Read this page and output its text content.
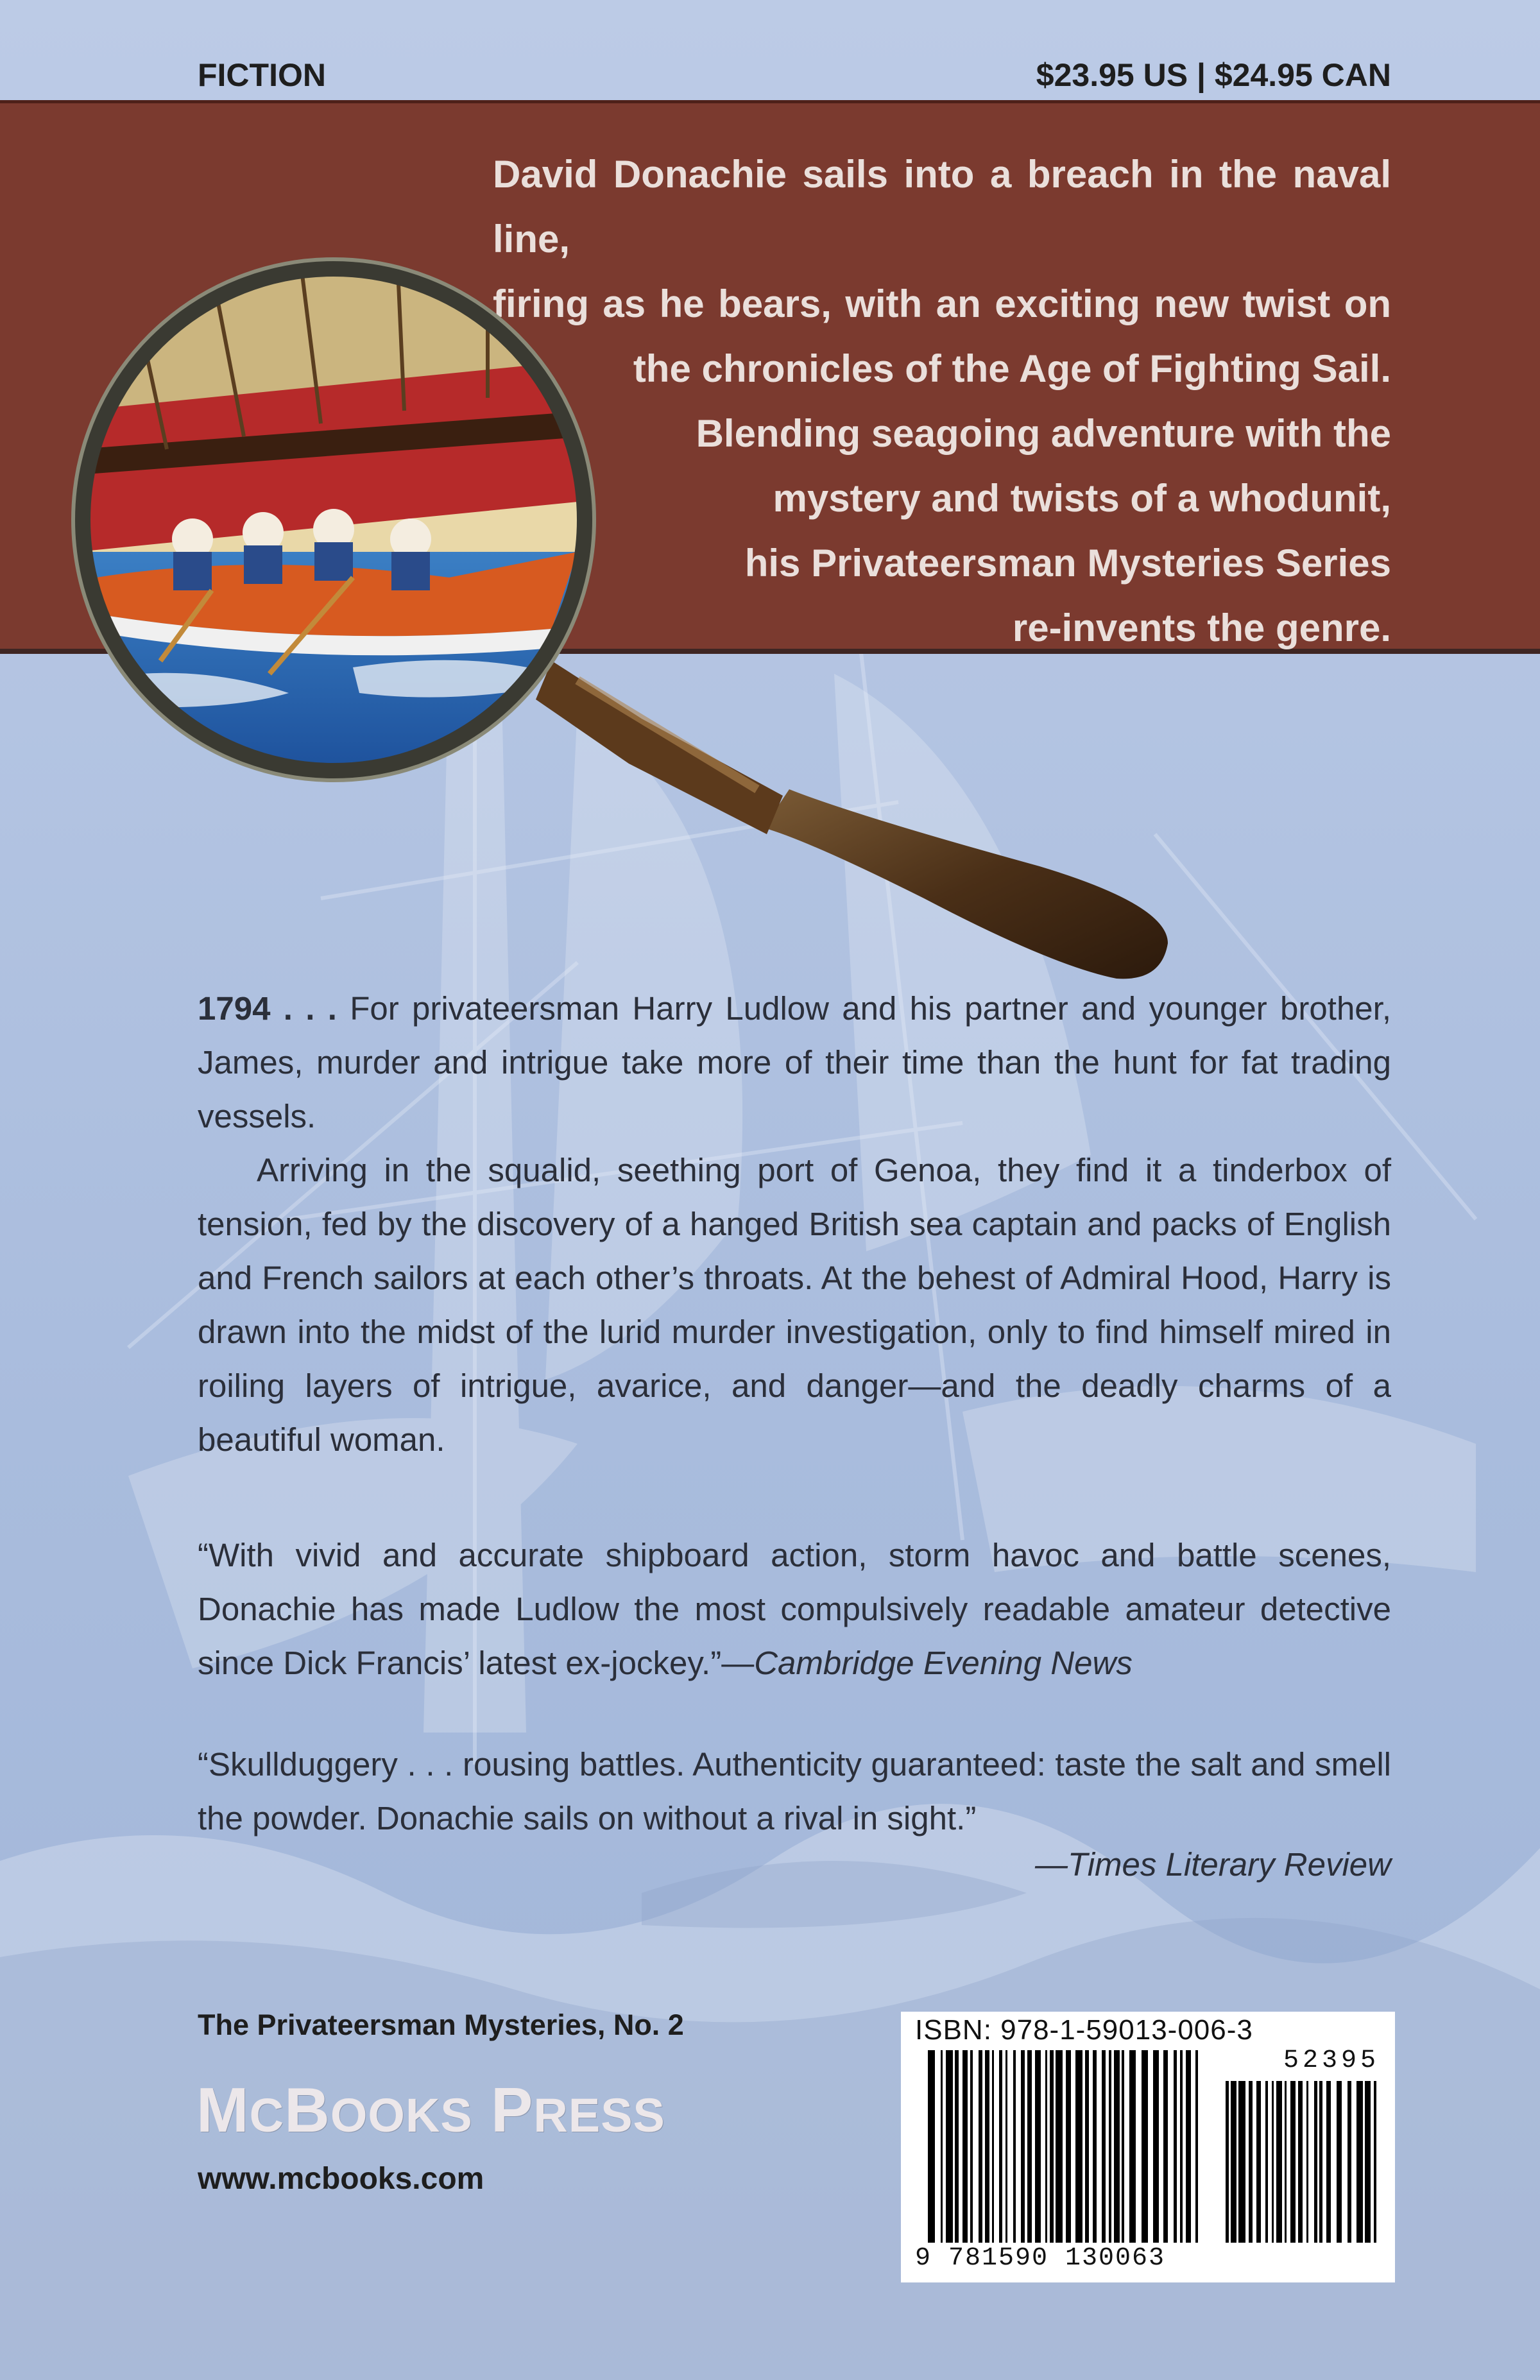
FICTION	$23.95 US | $24.95 CAN

David Donachie sails into a breach in the naval line,
firing as he bears, with an exciting new twist on
the chronicles of the Age of Fighting Sail.
Blending seagoing adventure with the
mystery and twists of a whodunit,
his Privateersman Mysteries Series
re-invents the genre.

1794 . . . For privateersman Harry Ludlow and his partner and younger brother, James, murder and intrigue take more of their time than the hunt for fat trading vessels.

Arriving in the squalid, seething port of Genoa, they find it a tinderbox of tension, fed by the discovery of a hanged British sea captain and packs of English and French sailors at each other’s throats. At the behest of Admiral Hood, Harry is drawn into the midst of the lurid murder investigation, only to find himself mired in roiling layers of intrigue, avarice, and danger—and the deadly charms of a beautiful woman.

“With vivid and accurate shipboard action, storm havoc and battle scenes, Donachie has made Ludlow the most compulsively readable amateur detective since Dick Francis’ latest ex-jockey.”—Cambridge Evening News

“Skullduggery . . . rousing battles. Authenticity guaranteed: taste the salt and smell the powder. Donachie sails on without a rival in sight.”

—Times Literary Review

The Privateersman Mysteries, No. 2

MCBOOKS PRESS

www.mcbooks.com

ISBN: 978-1-59013-006-3

52395

9 781590 130063
